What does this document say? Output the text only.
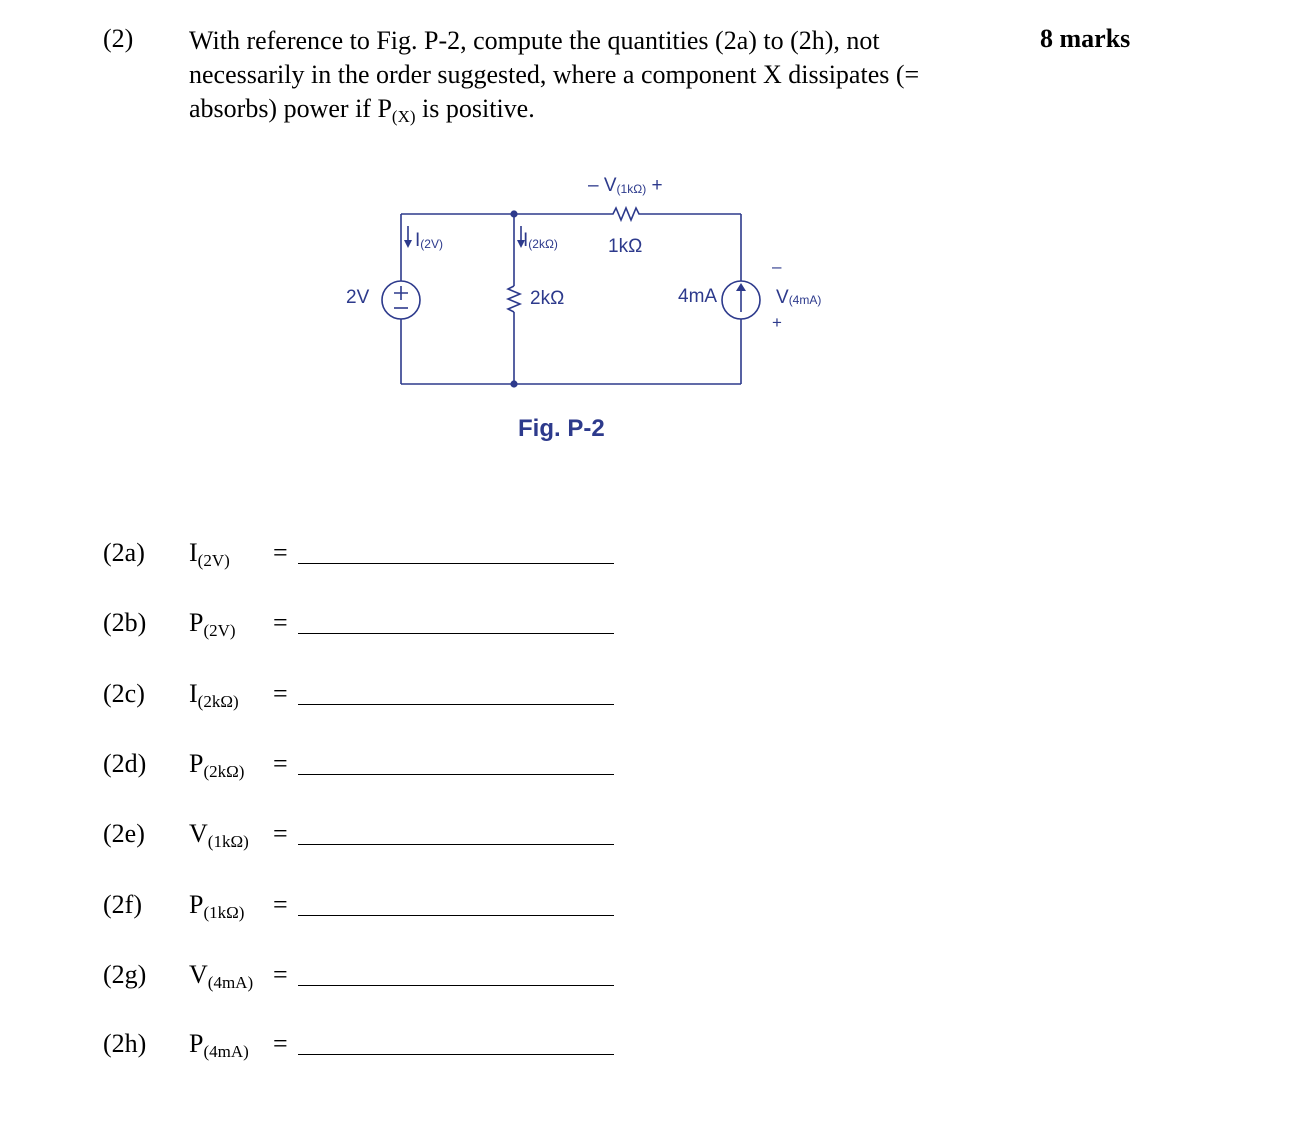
(2) With reference to Fig. P-2, compute the quantities (2a) to (2h), not necessarily in the order suggested, where a component X dissipates (= absorbs) power if P(X) is positive.
8 marks
– V(1kΩ) +
1kΩ
I(2V)	I(2kΩ)
2V	2kΩ	4mA
–
V(4mA)
+
Fig. P-2
(2a) I(2V) =
(2b) P(2V) =
(2c) I(2kΩ) =
(2d) P(2kΩ) =
(2e) V(1kΩ) =
(2f) P(1kΩ) =
(2g) V(4mA) =
(2h) P(4mA) =
